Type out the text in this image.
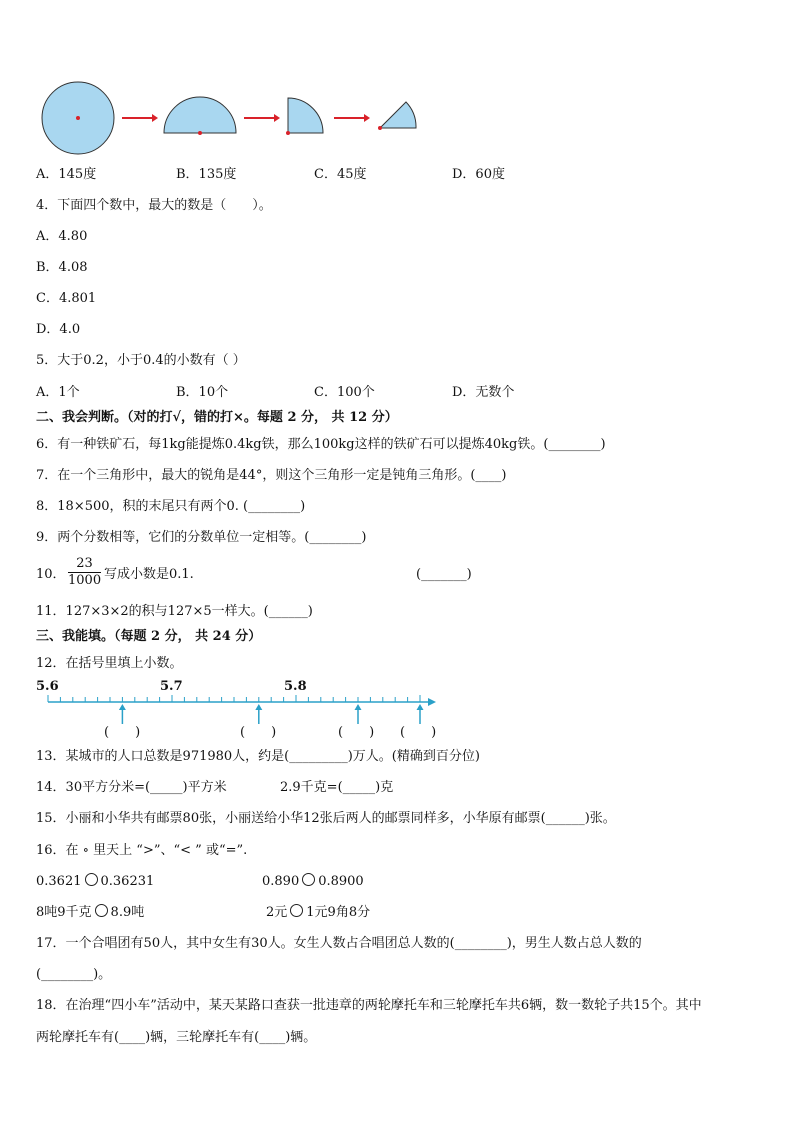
A．145度	B．135度	C．45度	D．60度
4．下面四个数中，最大的数是（　　）。
A．4.80
B．4.08
C．4.801
D．4.0
5．大于0.2，小于0.4的小数有（ ）
A．1个	B．10个	C．100个	D．无数个
二、我会判断。（对的打√，错的打×。每题 2 分， 共 12 分）
6．有一种铁矿石，每1kg能提炼0.4kg铁，那么100kg这样的铁矿石可以提炼40kg铁。(________)
7．在一个三角形中，最大的锐角是44°，则这个三角形一定是钝角三角形。(____)
8．18×500，积的末尾只有两个0. (________)
9．两个分数相等，它们的分数单位一定相等。(________)
10． $\frac{23}{1000}$ 写成小数是0.1.	(_______)
11．127×3×2的积与127×5一样大。(______)
三、我能填。（每题 2 分， 共 24 分）
12．在括号里填上小数。
5.6	5.7	5.8
(　　)	(　　)	(　　) (　　)
13．某城市的人口总数是971980人，约是(_________)万人。(精确到百分位)
14．30平方分米=(_____)平方米	2.9千克=(_____)克
15．小丽和小华共有邮票80张，小丽送给小华12张后两人的邮票同样多，小华原有邮票(______)张。
16．在 ∘ 里天上 “>”、“< ” 或“=”.
0.3621 0.36231	0.890 0.8900
8吨9千克 8.9吨	2元 1元9角8分
17．一个合唱团有50人，其中女生有30人。女生人数占合唱团总人数的(________)，男生人数占总人数的
(________)。
18．在治理“四小车”活动中，某天某路口查获一批违章的两轮摩托车和三轮摩托车共6辆，数一数轮子共15个。其中
两轮摩托车有(____)辆，三轮摩托车有(____)辆。
